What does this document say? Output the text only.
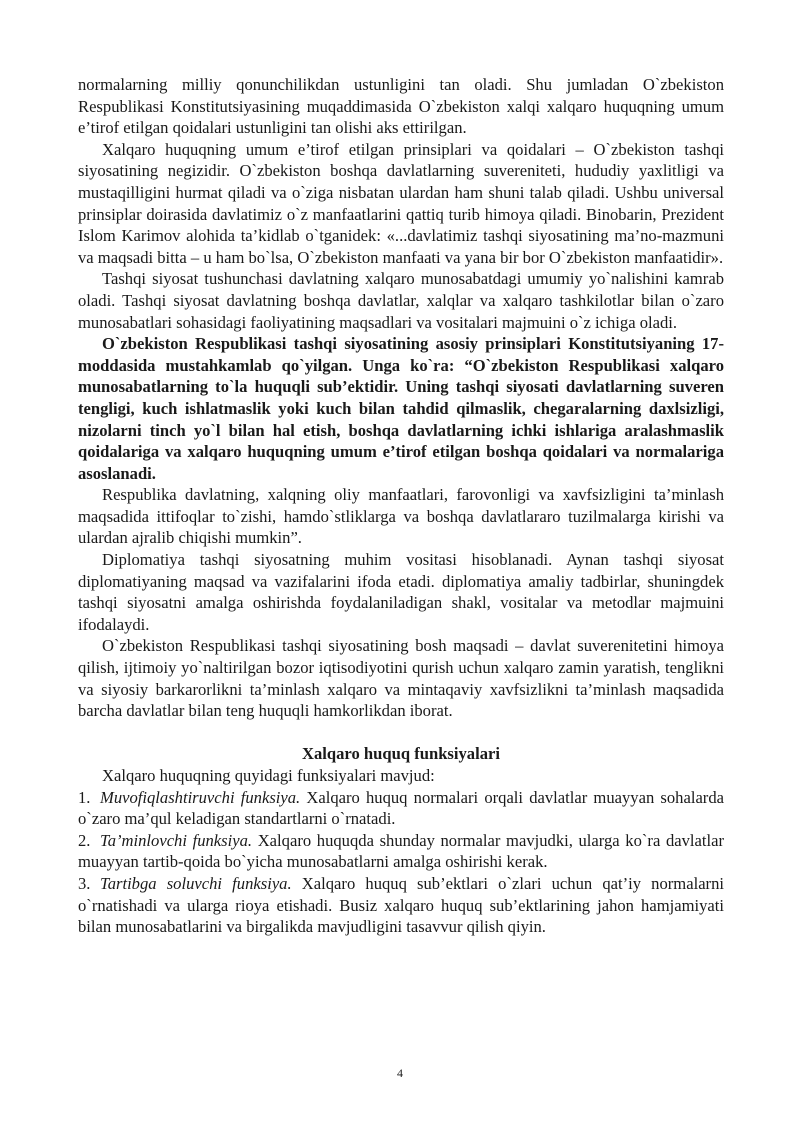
normalarning milliy qonunchilikdan ustunligini tan oladi. Shu jumladan O`zbekiston Respublikasi Konstitutsiyasining muqaddimasida O`zbekiston xalqi xalqaro huquqning umum e’tirof etilgan qoidalari ustunligini tan olishi aks ettirilgan.

Xalqaro huquqning umum e’tirof etilgan prinsiplari va qoidalari – O`zbekiston tashqi siyosatining negizidir. O`zbekiston boshqa davlatlarning suvereniteti, hududiy yaxlitligi va mustaqilligini hurmat qiladi va o`ziga nisbatan ulardan ham shuni talab qiladi. Ushbu universal prinsiplar doirasida davlatimiz o`z manfaatlarini qattiq turib himoya qiladi. Binobarin, Prezident Islom Karimov alohida ta’kidlab o`tganidek: «...davlatimiz tashqi siyosatining ma’no-mazmuni va maqsadi bitta – u ham bo`lsa, O`zbekiston manfaati va yana bir bor O`zbekiston manfaatidir».

Tashqi siyosat tushunchasi davlatning xalqaro munosabatdagi umumiy yo`nalishini kamrab oladi. Tashqi siyosat davlatning boshqa davlatlar, xalqlar va xalqaro tashkilotlar bilan o`zaro munosabatlari sohasidagi faoliyatining maqsadlari va vositalari majmuini o`z ichiga oladi.

O`zbekiston Respublikasi tashqi siyosatining asosiy prinsiplari Konstitutsiyaning 17-moddasida mustahkamlab qo`yilgan. Unga ko`ra: “O`zbekiston Respublikasi xalqaro munosabatlarning to`la huquqli sub’ektidir. Uning tashqi siyosati davlatlarning suveren tengligi, kuch ishlatmaslik yoki kuch bilan tahdid qilmaslik, chegaralarning daxlsizligi, nizolarni tinch yo`l bilan hal etish, boshqa davlatlarning ichki ishlariga aralashmaslik qoidalariga va xalqaro huquqning umum e’tirof etilgan boshqa qoidalari va normalariga asoslanadi.

Respublika davlatning, xalqning oliy manfaatlari, farovonligi va xavfsizligini ta’minlash maqsadida ittifoqlar to`zishi, hamdo`stliklarga va boshqa davlatlararo tuzilmalarga kirishi va ulardan ajralib chiqishi mumkin”.

Diplomatiya tashqi siyosatning muhim vositasi hisoblanadi. Aynan tashqi siyosat diplomatiyaning maqsad va vazifalarini ifoda etadi. diplomatiya amaliy tadbirlar, shuningdek tashqi siyosatni amalga oshirishda foydalaniladigan shakl, vositalar va metodlar majmuini ifodalaydi.

O`zbekiston Respublikasi tashqi siyosatining bosh maqsadi – davlat suverenitetini himoya qilish, ijtimoiy yo`naltirilgan bozor iqtisodiyotini qurish uchun xalqaro zamin yaratish, tenglikni va siyosiy barkarorlikni ta’minlash xalqaro va mintaqaviy xavfsizlikni ta’minlash maqsadida barcha davlatlar bilan teng huquqli hamkorlikdan iborat.

Xalqaro huquq funksiyalari

Xalqaro huquqning quyidagi funksiyalari mavjud:

1. Muvofiqlashtiruvchi funksiya. Xalqaro huquq normalari orqali davlatlar muayyan sohalarda o`zaro ma’qul keladigan standartlarni o`rnatadi.

2. Ta’minlovchi funksiya. Xalqaro huquqda shunday normalar mavjudki, ularga ko`ra davlatlar muayyan tartib-qoida bo`yicha munosabatlarni amalga oshirishi kerak.

3. Tartibga soluvchi funksiya. Xalqaro huquq sub’ektlari o`zlari uchun qat’iy normalarni o`rnatishadi va ularga rioya etishadi. Busiz xalqaro huquq sub’ektlarining jahon hamjamiyati bilan munosabatlarini va birgalikda mavjudligini tasavvur qilish qiyin.

4
